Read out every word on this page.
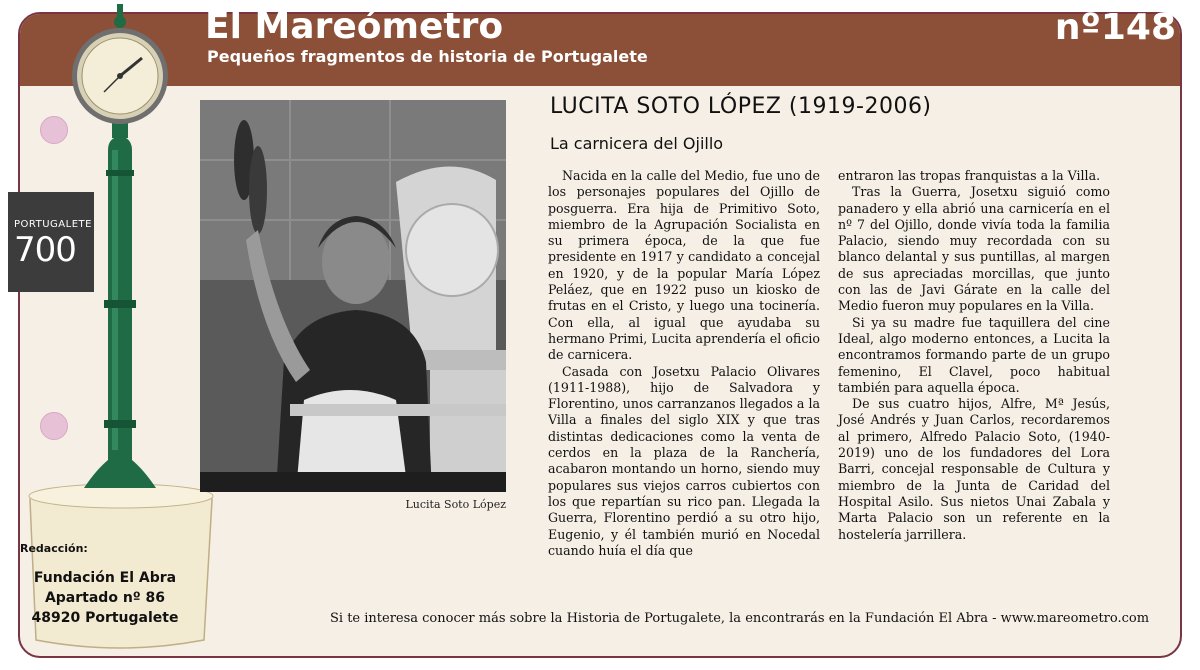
El Mareómetro
Pequeños fragmentos de historia de Portugalete
nº148
PORTUGALETE
700
Lucita Soto López
LUCITA SOTO LÓPEZ (1919-2006)
La carnicera del Ojillo

Nacida en la calle del Medio, fue uno de los personajes populares del Ojillo de posguerra. Era hija de Primitivo Soto, miembro de la Agrupación Socialista en su primera época, de la que fue presidente en 1917 y candidato a concejal en 1920, y de la popular María López Peláez, que en 1922 puso un kiosko de frutas en el Cristo, y luego una tocinería. Con ella, al igual que ayudaba su hermano Primi, Lucita aprendería el oficio de carnicera.

Casada con Josetxu Palacio Olivares (1911-1988), hijo de Salvadora y Florentino, unos carranzanos llegados a la Villa a finales del siglo XIX y que tras distintas dedicaciones como la venta de cerdos en la plaza de la Ranchería, acabaron montando un horno, siendo muy populares sus viejos carros cubiertos con los que repartían su rico pan. Llegada la Guerra, Florentino perdió a su otro hijo, Eugenio, y él también murió en Nocedal cuando huía el día que

entraron las tropas franquistas a la Villa.

Tras la Guerra, Josetxu siguió como panadero y ella abrió una carnicería en el nº 7 del Ojillo, donde vivía toda la familia Palacio, siendo muy recordada con su blanco delantal y sus puntillas, al margen de sus apreciadas morcillas, que junto con las de Javi Gárate en la calle del Medio fueron muy populares en la Villa.

Si ya su madre fue taquillera del cine Ideal, algo moderno entonces, a Lucita la encontramos formando parte de un grupo femenino, El Clavel, poco habitual también para aquella época.

De sus cuatro hijos, Alfre, Mª Jesús, José Andrés y Juan Carlos, recordaremos al primero, Alfredo Palacio Soto, (1940-2019) uno de los fundadores del Lora Barri, concejal responsable de Cultura y miembro de la Junta de Caridad del Hospital Asilo. Sus nietos Unai Zabala y Marta Palacio son un referente en la hostelería jarrillera.

Redacción:
Fundación El Abra
Apartado nº 86
48920 Portugalete	Si te interesa conocer más sobre la Historia de Portugalete, la encontrarás en la Fundación El Abra - www.mareometro.com
